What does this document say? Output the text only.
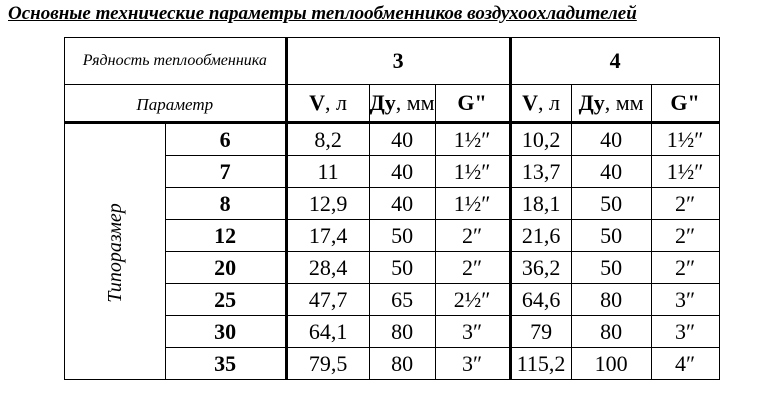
Основные технические параметры теплообменников воздухоохладителей
Рядность теплообменника		3			4		
Параметр		V, л	Ду, мм	G"	V, л	Ду, мм	G"
Типоразмер	6	8,2	40	1½″	10,2	40	1½″
	7	11	40	1½″	13,7	40	1½″
	8	12,9	40	1½″	18,1	50	2″
	12	17,4	50	2″	21,6	50	2″
	20	28,4	50	2″	36,2	50	2″
	25	47,7	65	2½″	64,6	80	3″
	30	64,1	80	3″	79	80	3″
	35	79,5	80	3″	115,2	100	4″
